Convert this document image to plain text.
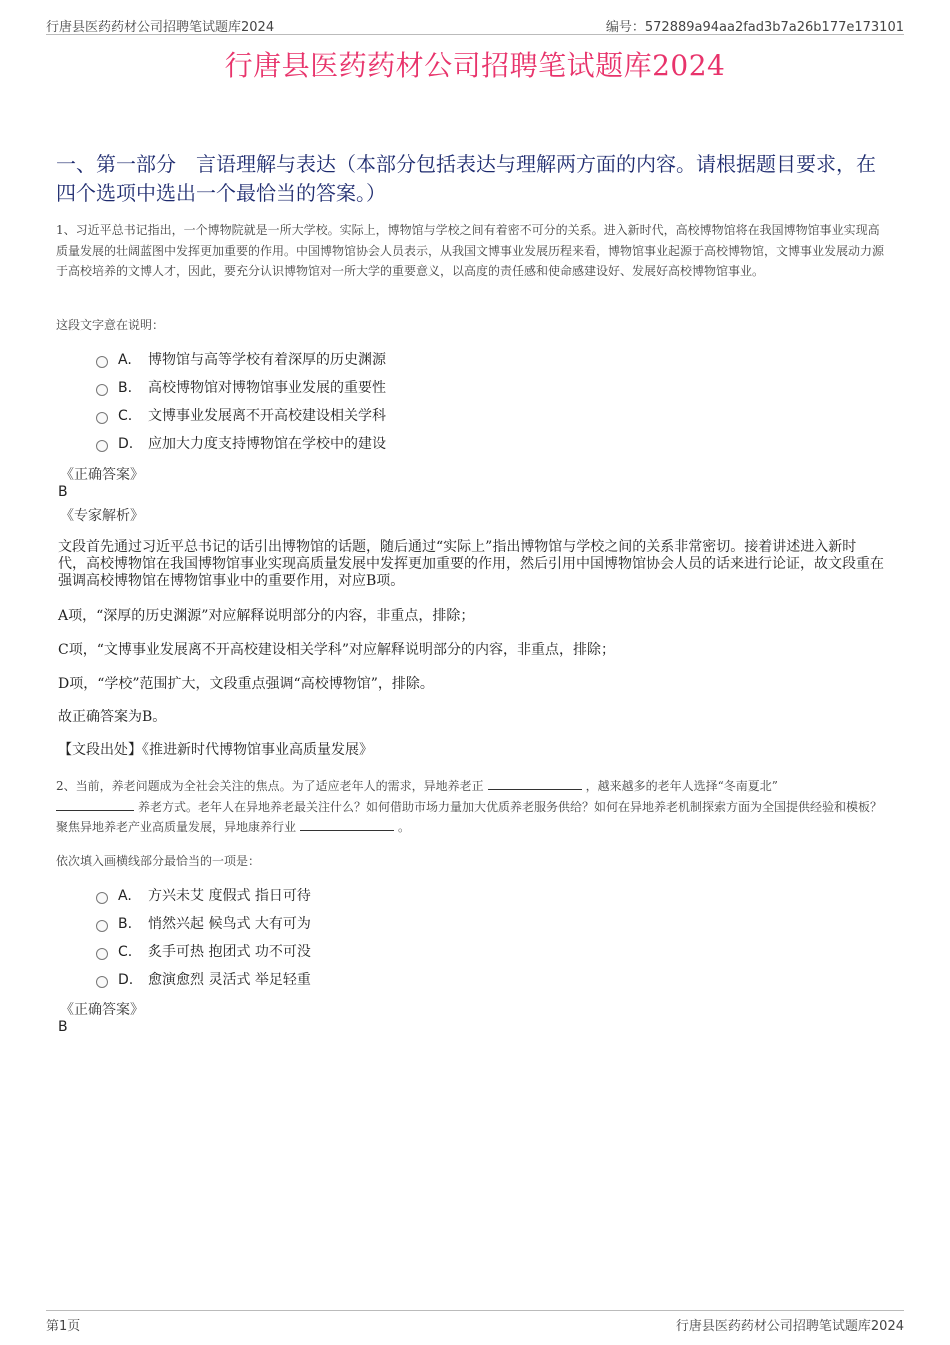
行唐县医药药材公司招聘笔试题库2024	编号：572889a94aa2fad3b7a26b177e173101
行唐县医药药材公司招聘笔试题库2024
一、第一部分　言语理解与表达（本部分包括表达与理解两方面的内容。请根据题目要求，在四个选项中选出一个最恰当的答案。）
1、习近平总书记指出，一个博物院就是一所大学校。实际上，博物馆与学校之间有着密不可分的关系。进入新时代，高校博物馆将在我国博物馆事业实现高质量发展的壮阔蓝图中发挥更加重要的作用。中国博物馆协会人员表示，从我国文博事业发展历程来看，博物馆事业起源于高校博物馆，文博事业发展动力源于高校培养的文博人才，因此，要充分认识博物馆对一所大学的重要意义，以高度的责任感和使命感建设好、发展好高校博物馆事业。
这段文字意在说明：
A. 博物馆与高等学校有着深厚的历史渊源
B. 高校博物馆对博物馆事业发展的重要性
C. 文博事业发展离不开高校建设相关学科
D. 应加大力度支持博物馆在学校中的建设
《正确答案》
B
《专家解析》
文段首先通过习近平总书记的话引出博物馆的话题，随后通过“实际上”指出博物馆与学校之间的关系非常密切。接着讲述进入新时代，高校博物馆在我国博物馆事业实现高质量发展中发挥更加重要的作用，然后引用中国博物馆协会人员的话来进行论证，故文段重在强调高校博物馆在博物馆事业中的重要作用，对应B项。
A项，“深厚的历史渊源”对应解释说明部分的内容，非重点，排除；
C项，“文博事业发展离不开高校建设相关学科”对应解释说明部分的内容，非重点，排除；
D项，“学校”范围扩大，文段重点强调“高校博物馆”，排除。
故正确答案为B。
【文段出处】《推进新时代博物馆事业高质量发展》
2、当前，养老问题成为全社会关注的焦点。为了适应老年人的需求，异地养老正	，越来越多的老年人选择“冬南夏北”
养老方式。老年人在异地养老最关注什么？如何借助市场力量加大优质养老服务供给？如何在异地养老机制探索方面为全国提供经验和模板？聚焦异地养老产业高质量发展，异地康养行业	。
依次填入画横线部分最恰当的一项是：
A. 方兴未艾 度假式 指日可待
B. 悄然兴起 候鸟式 大有可为
C. 炙手可热 抱团式 功不可没
D. 愈演愈烈 灵活式 举足轻重
《正确答案》
B
第1页	行唐县医药药材公司招聘笔试题库2024
